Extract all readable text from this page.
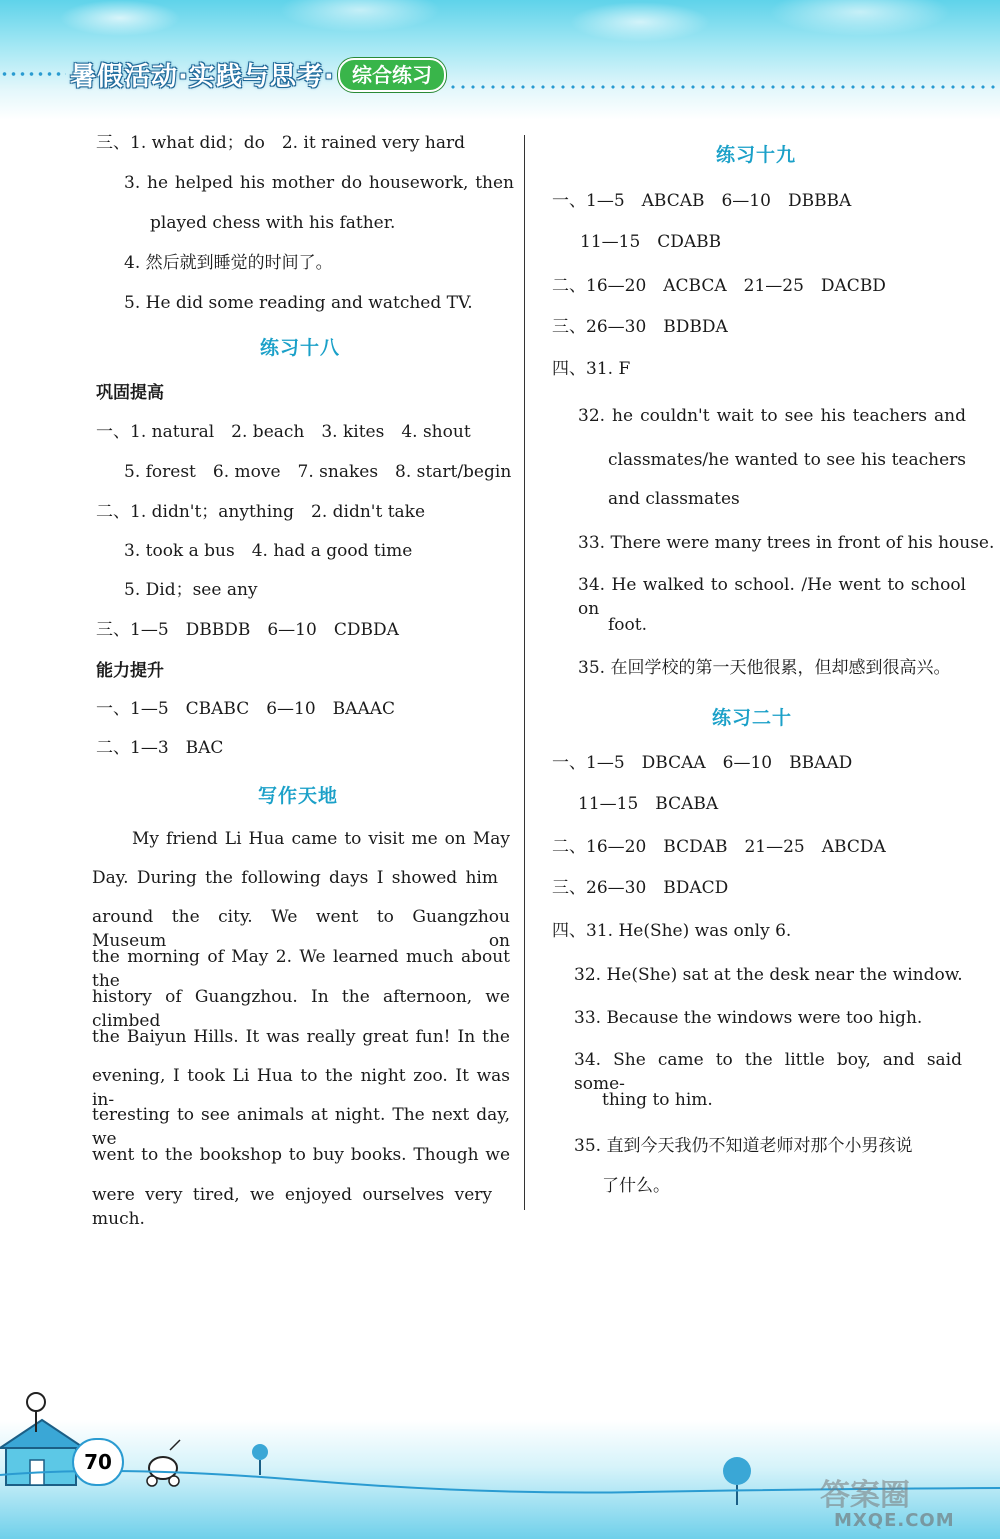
暑假活动·实践与思考· 综合练习
三、1. what did；do　2. it rained very hard
3. he helped his mother do housework, then
played chess with his father.
4. 然后就到睡觉的时间了。
5. He did some reading and watched TV.
练习十八
巩固提高
一、1. natural　2. beach　3. kites　4. shout
5. forest　6. move　7. snakes　8. start/begin
二、1. didn't；anything　2. didn't take
3. took a bus　4. had a good time
5. Did；see any
三、1—5　DBBDB　6—10　CDBDA
能力提升
一、1—5　CBABC　6—10　BAAAC
二、1—3　BAC
写作天地
My friend Li Hua came to visit me on May
Day. During the following days I showed him
around the city. We went to Guangzhou Museum on
the morning of May 2. We learned much about the
history of Guangzhou. In the afternoon, we climbed
the Baiyun Hills. It was really great fun! In the
evening, I took Li Hua to the night zoo. It was in-
teresting to see animals at night. The next day, we
went to the bookshop to buy books. Though we
were very tired, we enjoyed ourselves very much.
练习十九
一、1—5　ABCAB　6—10　DBBBA
11—15　CDABB
二、16—20　ACBCA　21—25　DACBD
三、26—30　BDBDA
四、31. F
32. he couldn't wait to see his teachers and
classmates/he wanted to see his teachers
and classmates
33. There were many trees in front of his house.
34. He walked to school. /He went to school on
foot.
35. 在回学校的第一天他很累，但却感到很高兴。
练习二十
一、1—5　DBCAA　6—10　BBAAD
11—15　BCABA
二、16—20　BCDAB　21—25　ABCDA
三、26—30　BDACD
四、31. He(She) was only 6.
32. He(She) sat at the desk near the window.
33. Because the windows were too high.
34. She came to the little boy, and said some-
thing to him.
35. 直到今天我仍不知道老师对那个小男孩说
了什么。
70
答案圈
MXQE.COM
